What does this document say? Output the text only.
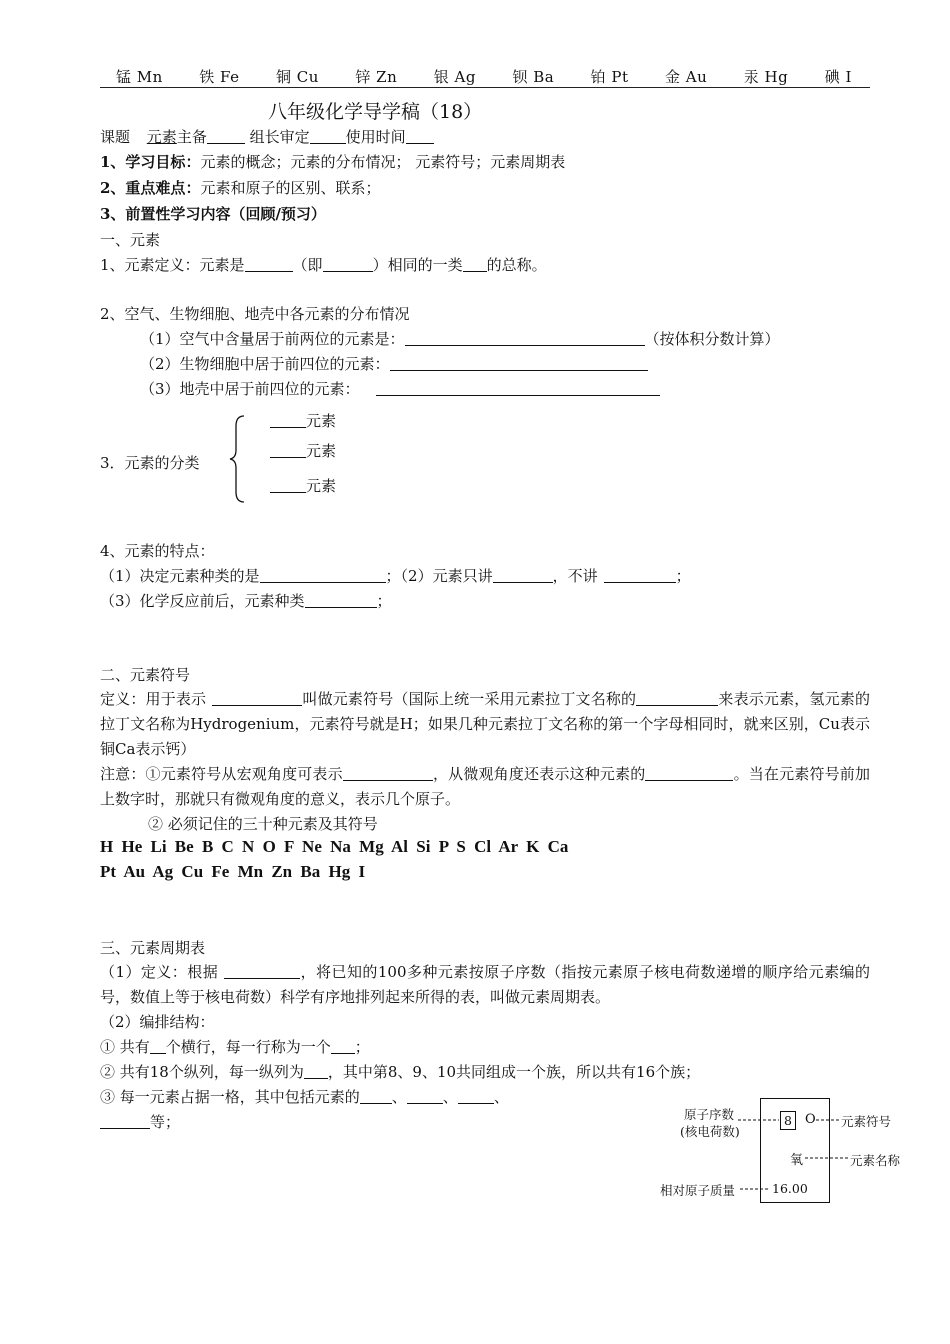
锰 Mn 铁 Fe 铜 Cu 锌 Zn 银 Ag 钡 Ba 铂 Pt 金 Au 汞 Hg 碘 I
八年级化学导学稿（18）
课题 元素主备	组长审定 使用时间
1、学习目标：元素的概念；元素的分布情况； 元素符号；元素周期表
2、重点难点：元素和原子的区别、联系；
3、前置性学习内容（回顾/预习）
一、元素
1、元素定义：元素是	（即	）相同的一类 的总称。
2、空气、生物细胞、地壳中各元素的分布情况
（1）空气中含量居于前两位的元素是：	（按体积分数计算）
（2）生物细胞中居于前四位的元素：
（3）地壳中居于前四位的元素：
3．元素的分类
元素
元素
元素
4、元素的特点：
（1）决定元素种类的是	；（2）元素只讲	，不讲	；
（3）化学反应前后，元素种类	；
二、元素符号
定义：用于表示	叫做元素符号（国际上统一采用元素拉丁文名称的	来表示元素，氢元素的拉丁文名称为Hydrogenium，元素符号就是H；如果几种元素拉丁文名称的第一个字母相同时，就来区别，Cu表示铜Ca表示钙）
注意：①元素符号从宏观角度可表示	，从微观角度还表示这种元素的	。当在元素符号前加上数字时，那就只有微观角度的意义，表示几个原子。
② 必须记住的三十种元素及其符号
H He Li Be B C N O F Ne Na Mg Al Si P S Cl Ar K Ca
Pt Au Ag Cu Fe Mn Zn Ba Hg I
三、元素周期表
（1）定义：根据	，将已知的100多种元素按原子序数（指按元素原子核电荷数递增的顺序给元素编的号，数值上等于核电荷数）科学有序地排列起来所得的表，叫做元素周期表。
（2）编排结构：
① 共有 个横行，每一行称为一个 ；
② 共有18个纵列，每一纵列为 ，其中第8、9、10共同组成一个族，所以共有16个族；
③ 每一元素占据一格，其中包括元素的 、 、 、
等；	8	O
氧
16.00
原子序数
(核电荷数)
元素符号
元素名称
相对原子质量
